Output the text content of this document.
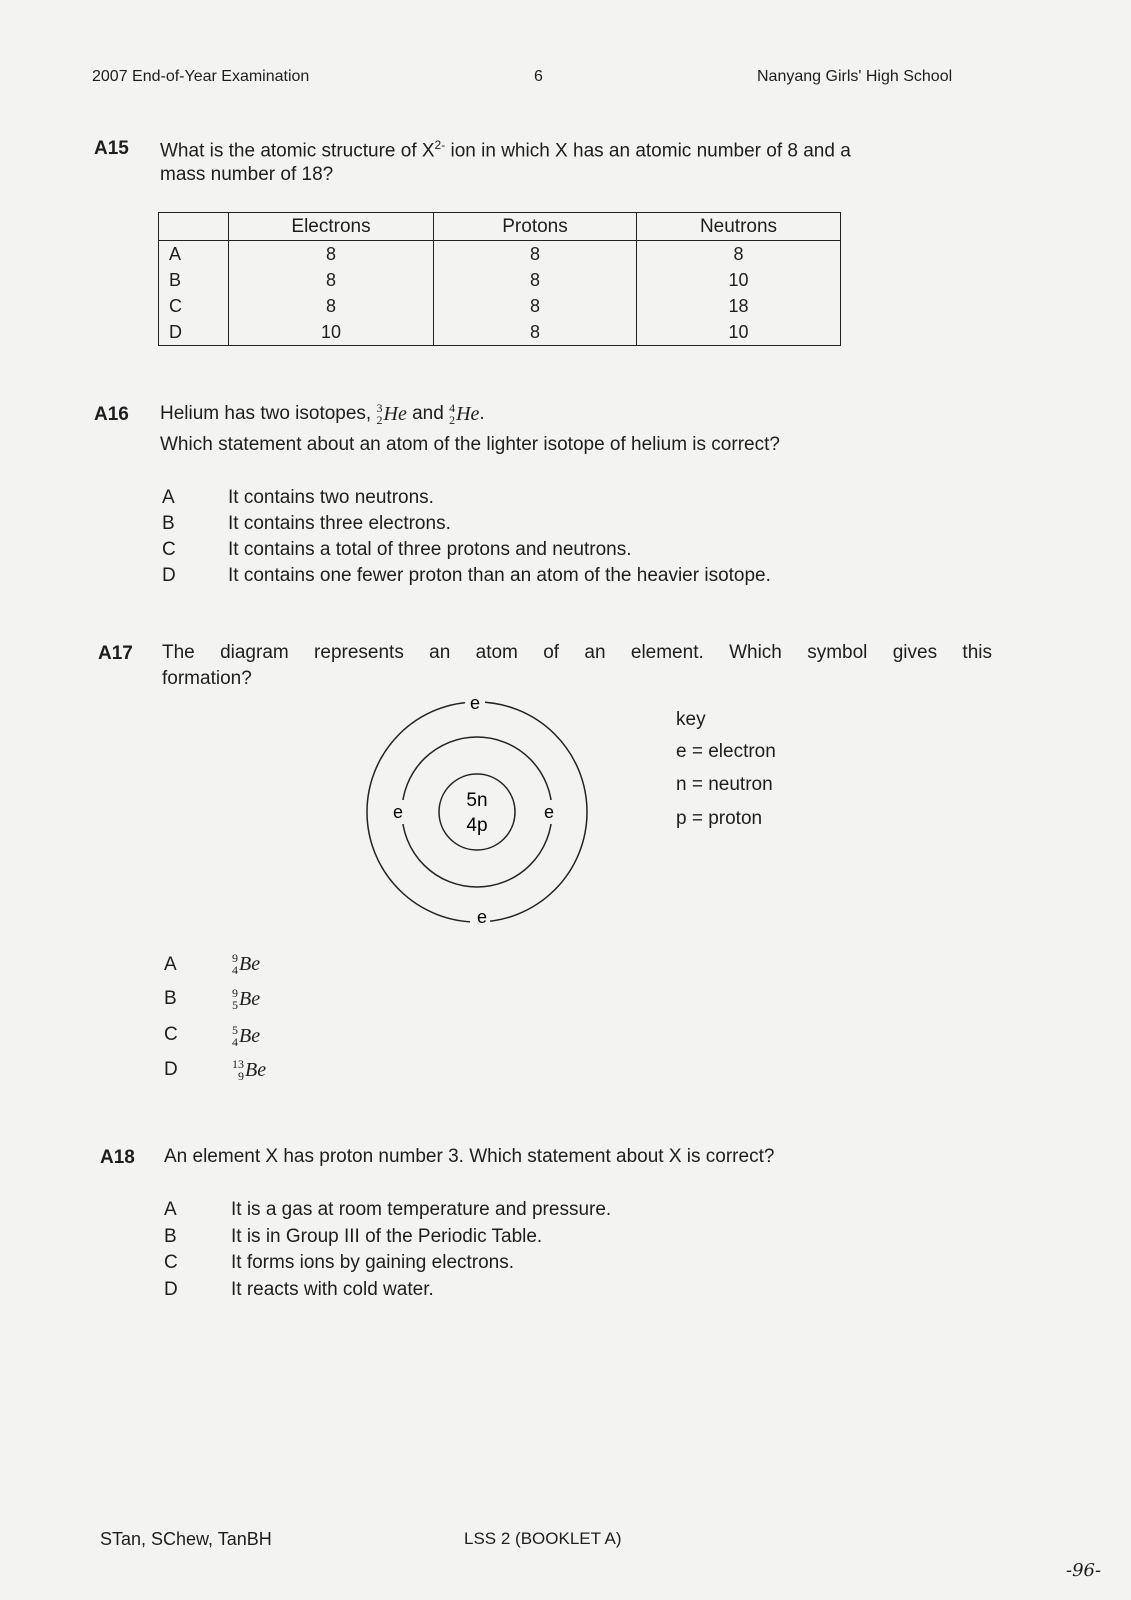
2007 End-of-Year Examination	6	Nanyang Girls' High School
A15 What is the atomic structure of $X^{2-}$ ion in which X has an atomic number of 8 and a
mass number of 18?
	Electrons	Protons	Neutrons
A	8	8	8
B	8	8	10
C	8	8	18
D	10	8	10
A16 Helium has two isotopes, 3
2 He and 4
2 He .
Which statement about an atom of the lighter isotope of helium is correct?
A	It contains two neutrons.
B	It contains three electrons.
C	It contains a total of three protons and neutrons.
D	It contains one fewer proton than an atom of the heavier isotope.
A17 The diagram represents an atom of an element. Which symbol gives this
formation?
e
e
e	e
5n
4p
key
e = electron
n = neutron
p = proton
A	9
4 Be
B	9
5 Be
C	5
4 Be
D	13
9 Be
A18 An element X has proton number 3. Which statement about X is correct?
A	It is a gas at room temperature and pressure.
B	It is in Group III of the Periodic Table.
C	It forms ions by gaining electrons.
D	It reacts with cold water.
STan, SChew, TanBH	LSS 2 (BOOKLET A)
-96-
